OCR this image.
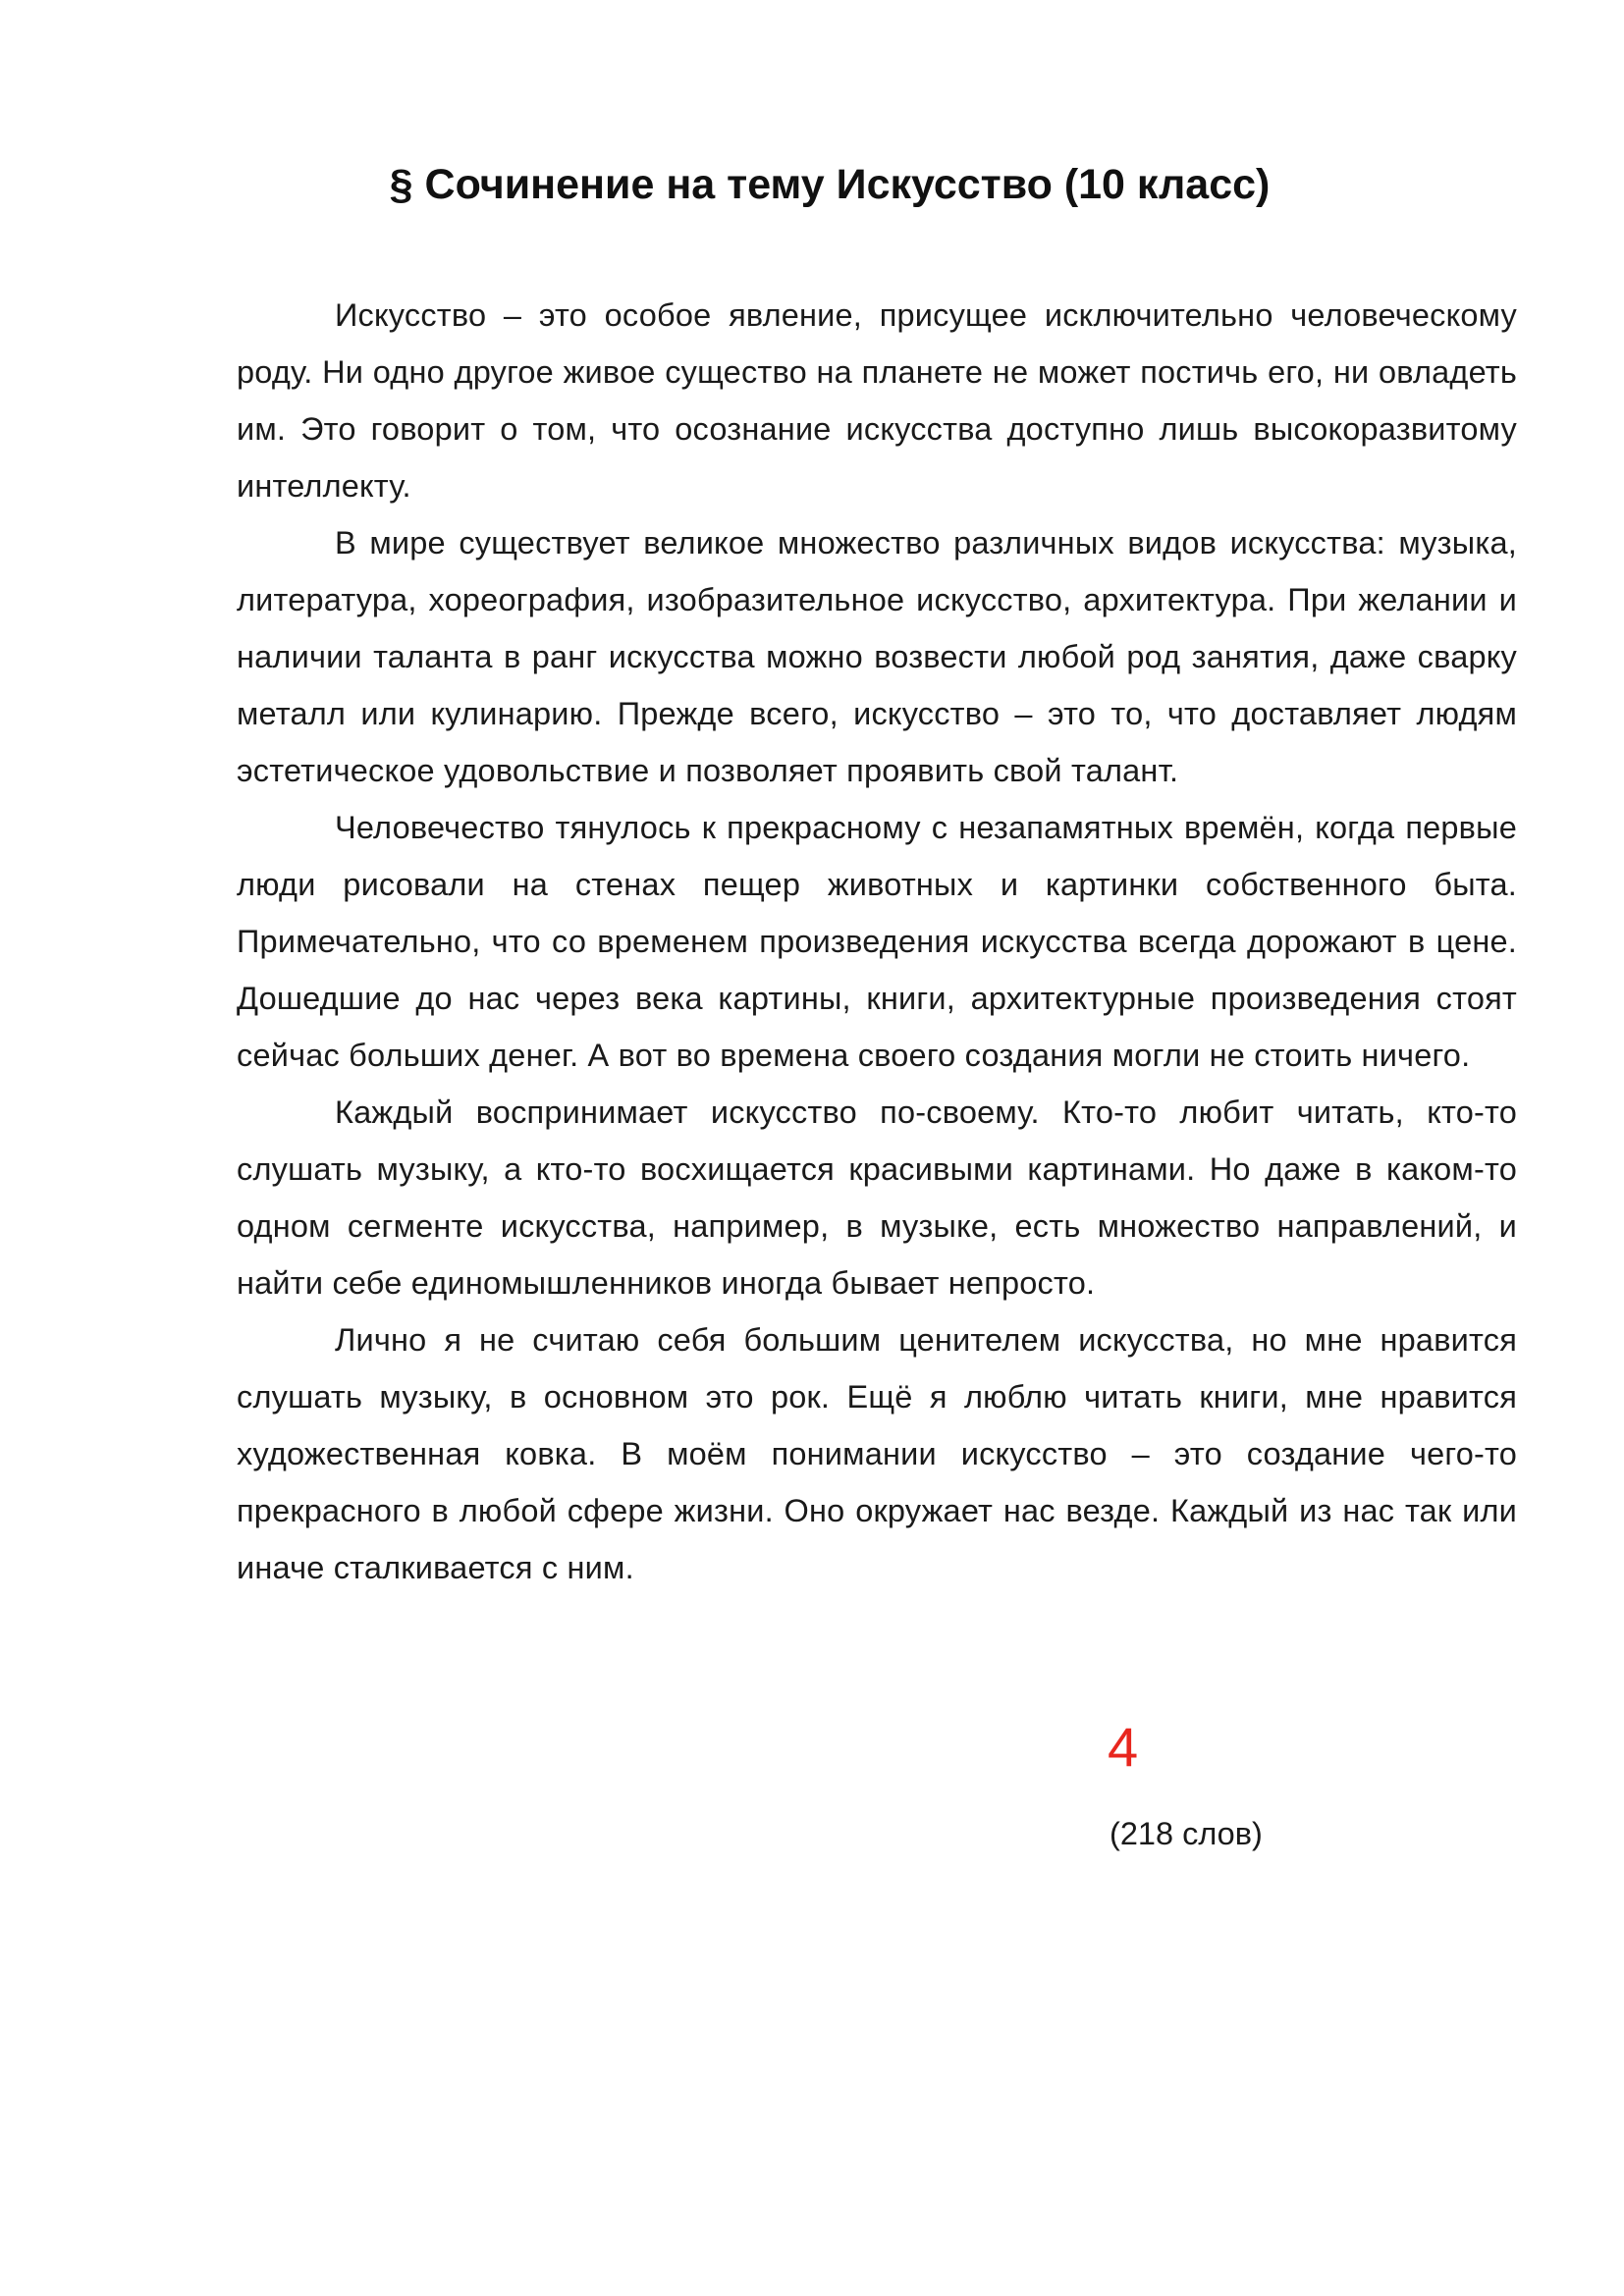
§ Сочинение на тему Искусство (10 класс)

Искусство – это особое явление, присущее исключительно человеческому роду. Ни одно другое живое существо на планете не может постичь его, ни овладеть им. Это говорит о том, что осознание искусства доступно лишь высокоразвитому интеллекту.

В мире существует великое множество различных видов искусства: музыка, литература, хореография, изобразительное искусство, архитектура. При желании и наличии таланта в ранг искусства можно возвести любой род занятия, даже сварку металл или кулинарию. Прежде всего, искусство – это то, что доставляет людям эстетическое удовольствие и позволяет проявить свой талант.

Человечество тянулось к прекрасному с незапамятных времён, когда первые люди рисовали на стенах пещер животных и картинки собственного быта. Примечательно, что со временем произведения искусства всегда дорожают в цене. Дошедшие до нас через века картины, книги, архитектурные произведения стоят сейчас больших денег. А вот во времена своего создания могли не стоить ничего.

Каждый воспринимает искусство по-своему. Кто-то любит читать, кто-то слушать музыку, а кто-то восхищается красивыми картинами. Но даже в каком-то одном сегменте искусства, например, в музыке, есть множество направлений, и найти себе единомышленников иногда бывает непросто.

Лично я не считаю себя большим ценителем искусства, но мне нравится слушать музыку, в основном это рок. Ещё я люблю читать книги, мне нравится художественная ковка. В моём понимании искусство – это создание чего-то прекрасного в любой сфере жизни. Оно окружает нас везде. Каждый из нас так или иначе сталкивается с ним.

4
(218 слов)
